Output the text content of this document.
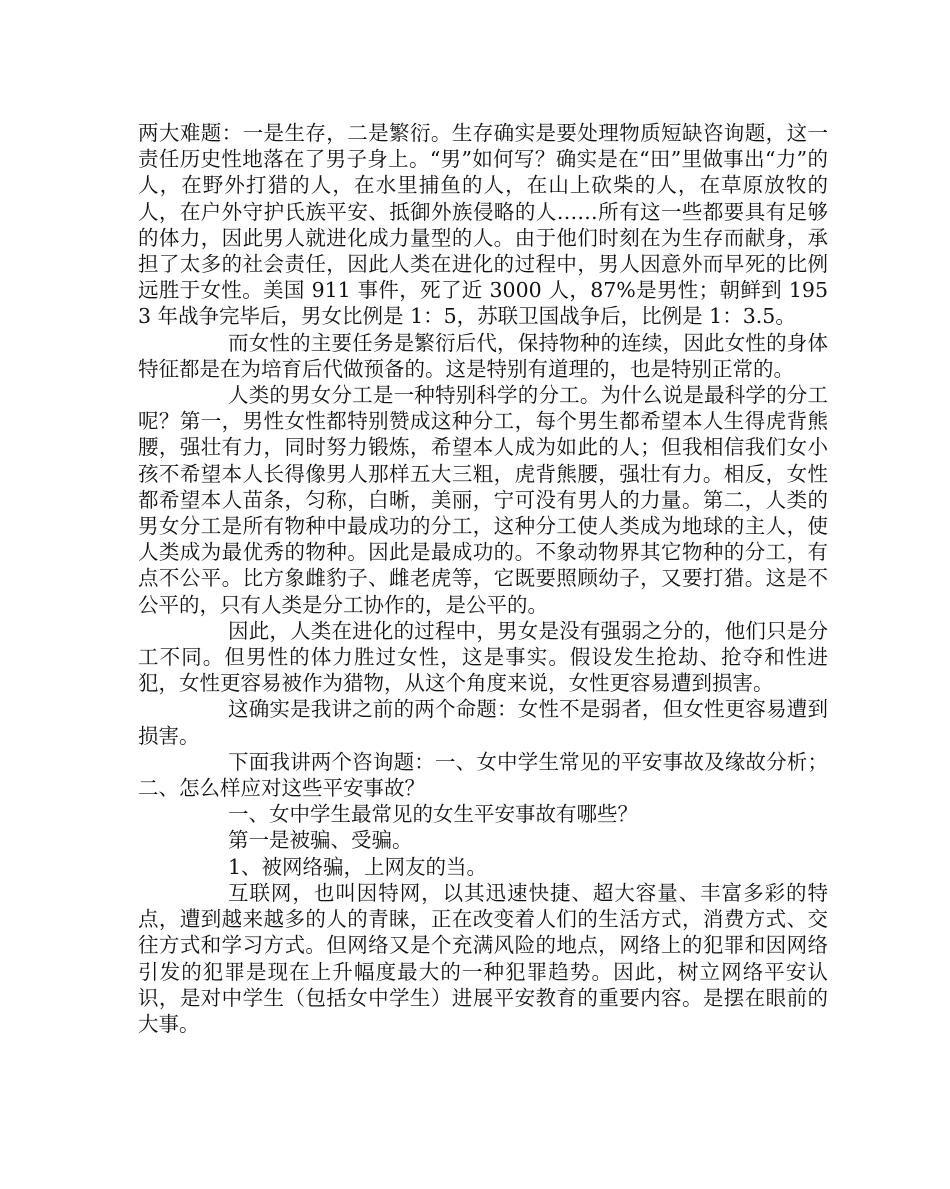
两大难题：一是生存，二是繁衍。生存确实是要处理物质短缺咨询题，这一责任历史性地落在了男子身上。“男”如何写？确实是在“田”里做事出“力”的人，在野外打猎的人，在水里捕鱼的人，在山上砍柴的人，在草原放牧的人，在户外守护氏族平安、抵御外族侵略的人……所有这一些都要具有足够的体力，因此男人就进化成力量型的人。由于他们时刻在为生存而献身，承担了太多的社会责任，因此人类在进化的过程中，男人因意外而早死的比例远胜于女性。美国 911 事件，死了近 3000 人，87%是男性；朝鲜到 1953 年战争完毕后，男女比例是 1：5，苏联卫国战争后，比例是 1：3.5。

而女性的主要任务是繁衍后代，保持物种的连续，因此女性的身体特征都是在为培育后代做预备的。这是特别有道理的，也是特别正常的。

人类的男女分工是一种特别科学的分工。为什么说是最科学的分工呢？第一，男性女性都特别赞成这种分工，每个男生都希望本人生得虎背熊腰，强壮有力，同时努力锻炼，希望本人成为如此的人；但我相信我们女小孩不希望本人长得像男人那样五大三粗，虎背熊腰，强壮有力。相反，女性都希望本人苗条，匀称，白晰，美丽，宁可没有男人的力量。第二，人类的男女分工是所有物种中最成功的分工，这种分工使人类成为地球的主人，使人类成为最优秀的物种。因此是最成功的。不象动物界其它物种的分工，有点不公平。比方象雌豹子、雌老虎等，它既要照顾幼子，又要打猎。这是不公平的，只有人类是分工协作的，是公平的。

因此，人类在进化的过程中，男女是没有强弱之分的，他们只是分工不同。但男性的体力胜过女性，这是事实。假设发生抢劫、抢夺和性进犯，女性更容易被作为猎物，从这个角度来说，女性更容易遭到损害。

这确实是我讲之前的两个命题：女性不是弱者，但女性更容易遭到损害。

下面我讲两个咨询题：一、女中学生常见的平安事故及缘故分析；二、怎么样应对这些平安事故？

一、女中学生最常见的女生平安事故有哪些？

第一是被骗、受骗。

1、被网络骗，上网友的当。

互联网，也叫因特网，以其迅速快捷、超大容量、丰富多彩的特点，遭到越来越多的人的青睐，正在改变着人们的生活方式，消费方式、交往方式和学习方式。但网络又是个充满风险的地点，网络上的犯罪和因网络引发的犯罪是现在上升幅度最大的一种犯罪趋势。因此，树立网络平安认识，是对中学生（包括女中学生）进展平安教育的重要内容。是摆在眼前的大事。
